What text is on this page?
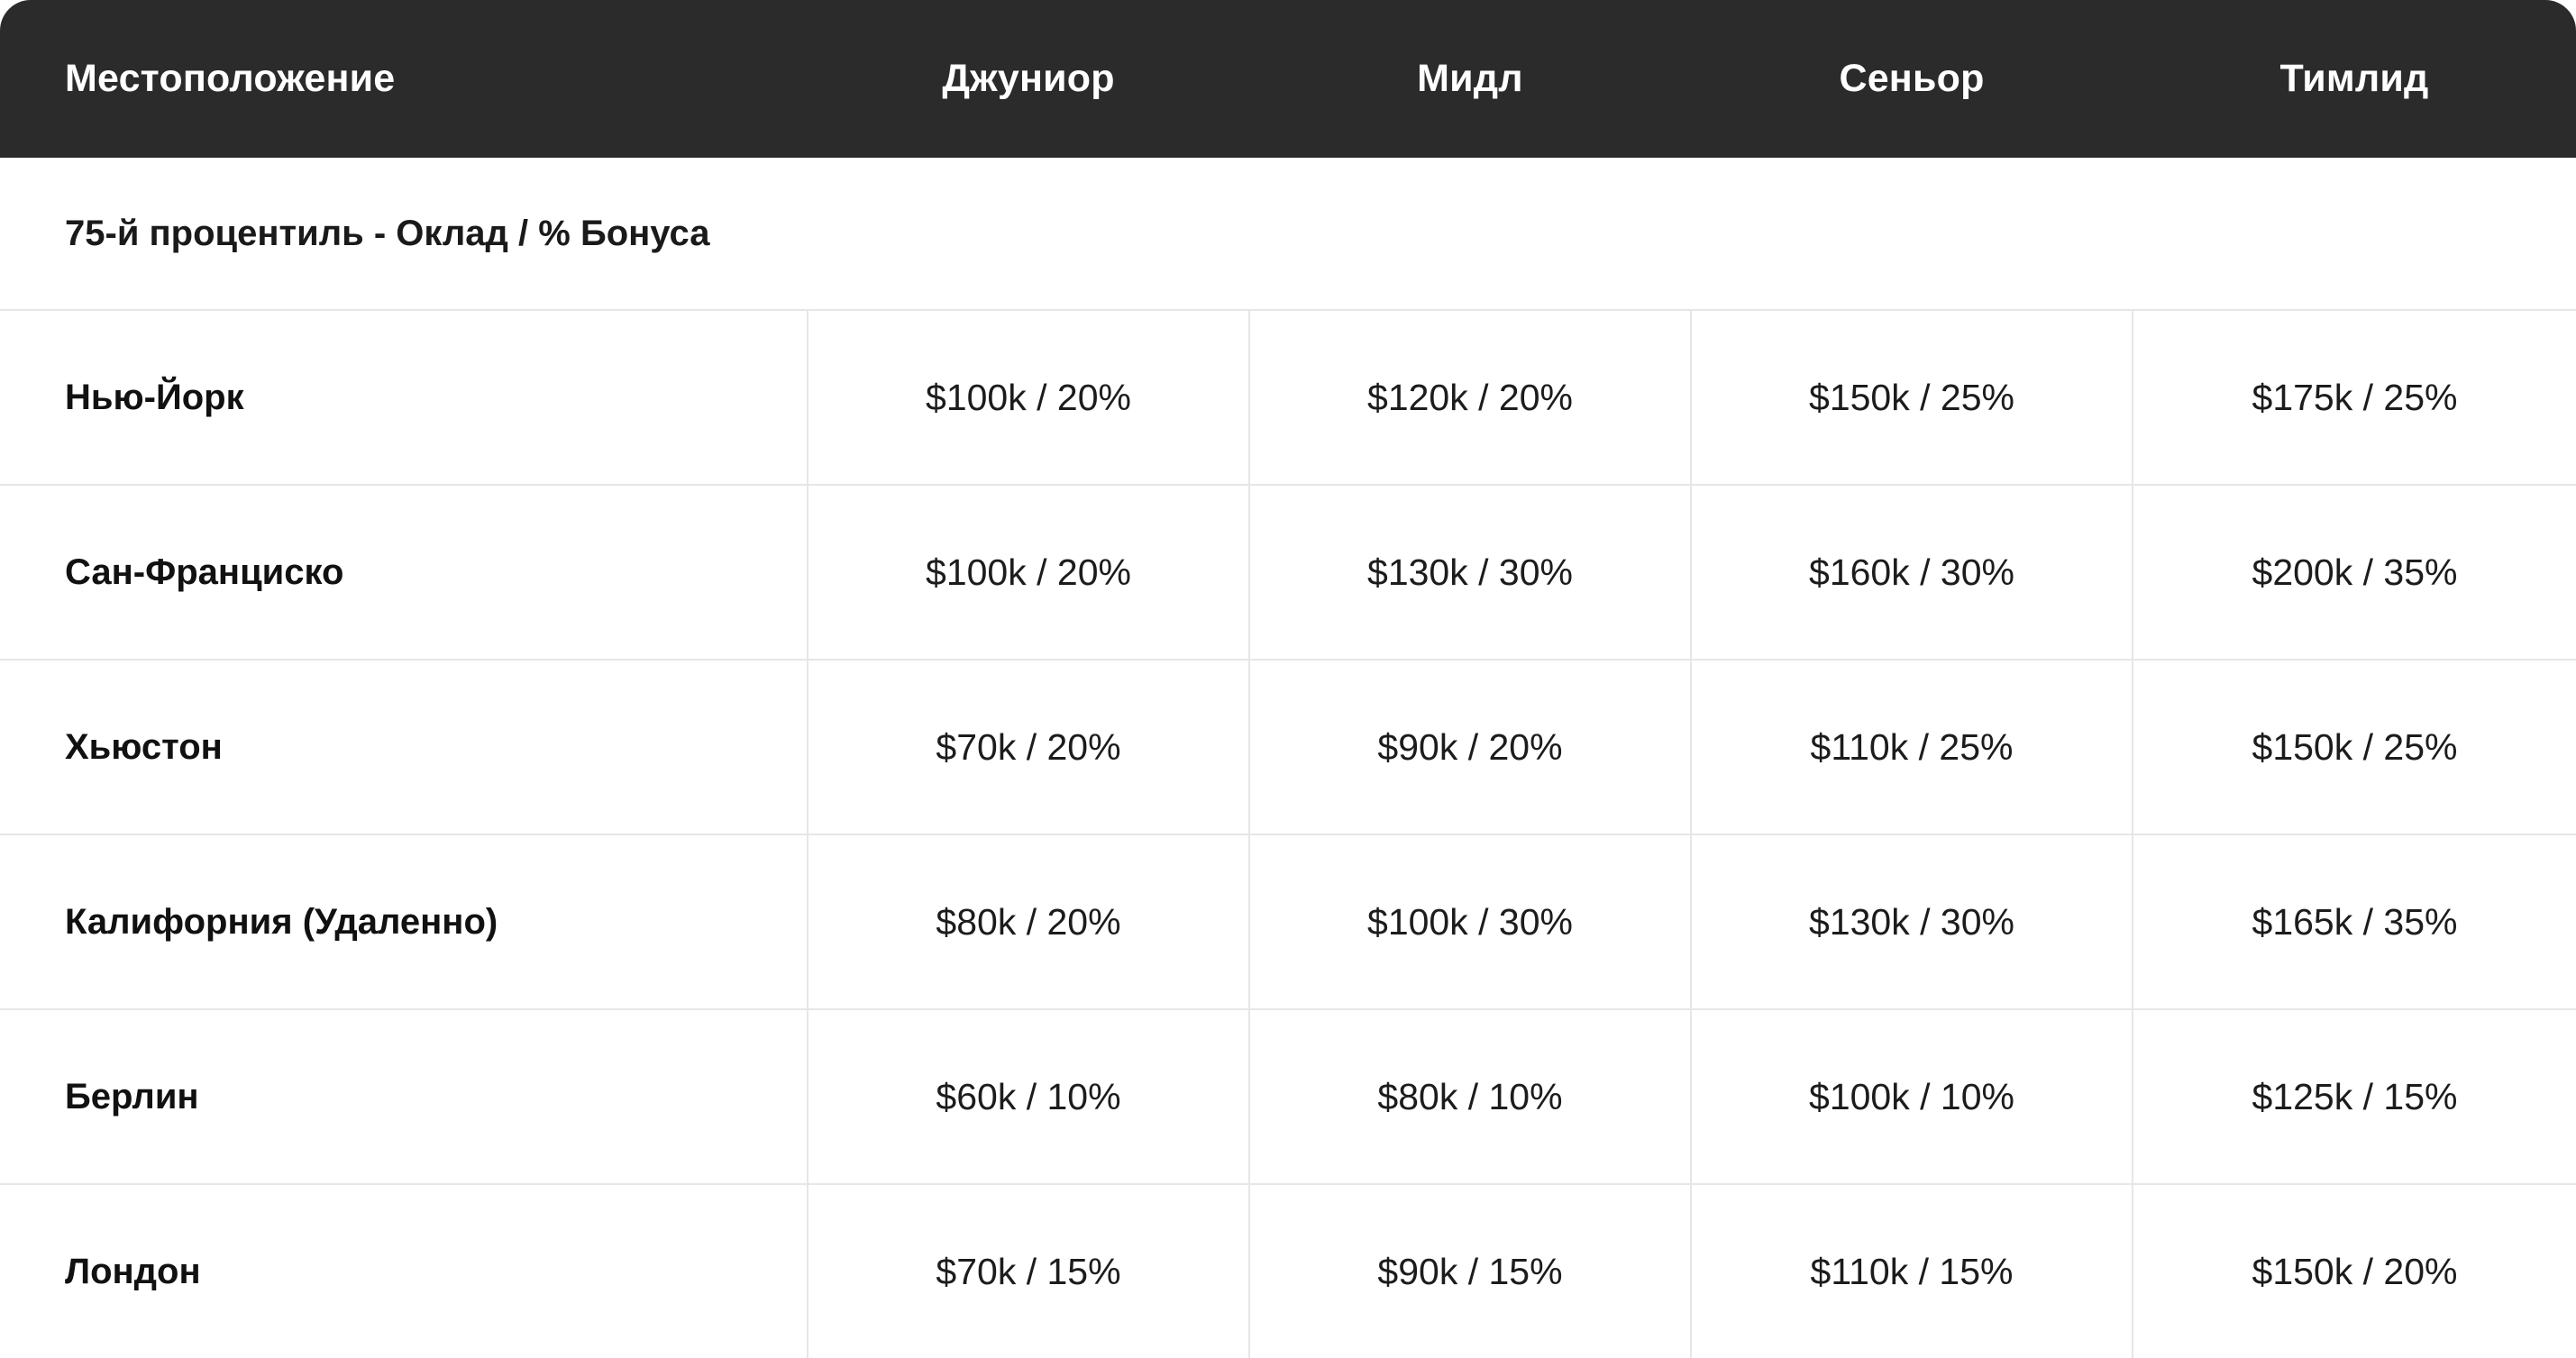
Местоположение	Джуниор	Мидл	Сеньор	Тимлид
75-й процентиль - Оклад / % Бонуса				
Нью-Йорк	$100k / 20%	$120k / 20%	$150k / 25%	$175k / 25%
Сан-Франциско	$100k / 20%	$130k / 30%	$160k / 30%	$200k / 35%
Хьюстон	$70k / 20%	$90k / 20%	$110k / 25%	$150k / 25%
Калифорния (Удаленно)	$80k / 20%	$100k / 30%	$130k / 30%	$165k / 35%
Берлин	$60k / 10%	$80k / 10%	$100k / 10%	$125k / 15%
Лондон	$70k / 15%	$90k / 15%	$110k / 15%	$150k / 20%
